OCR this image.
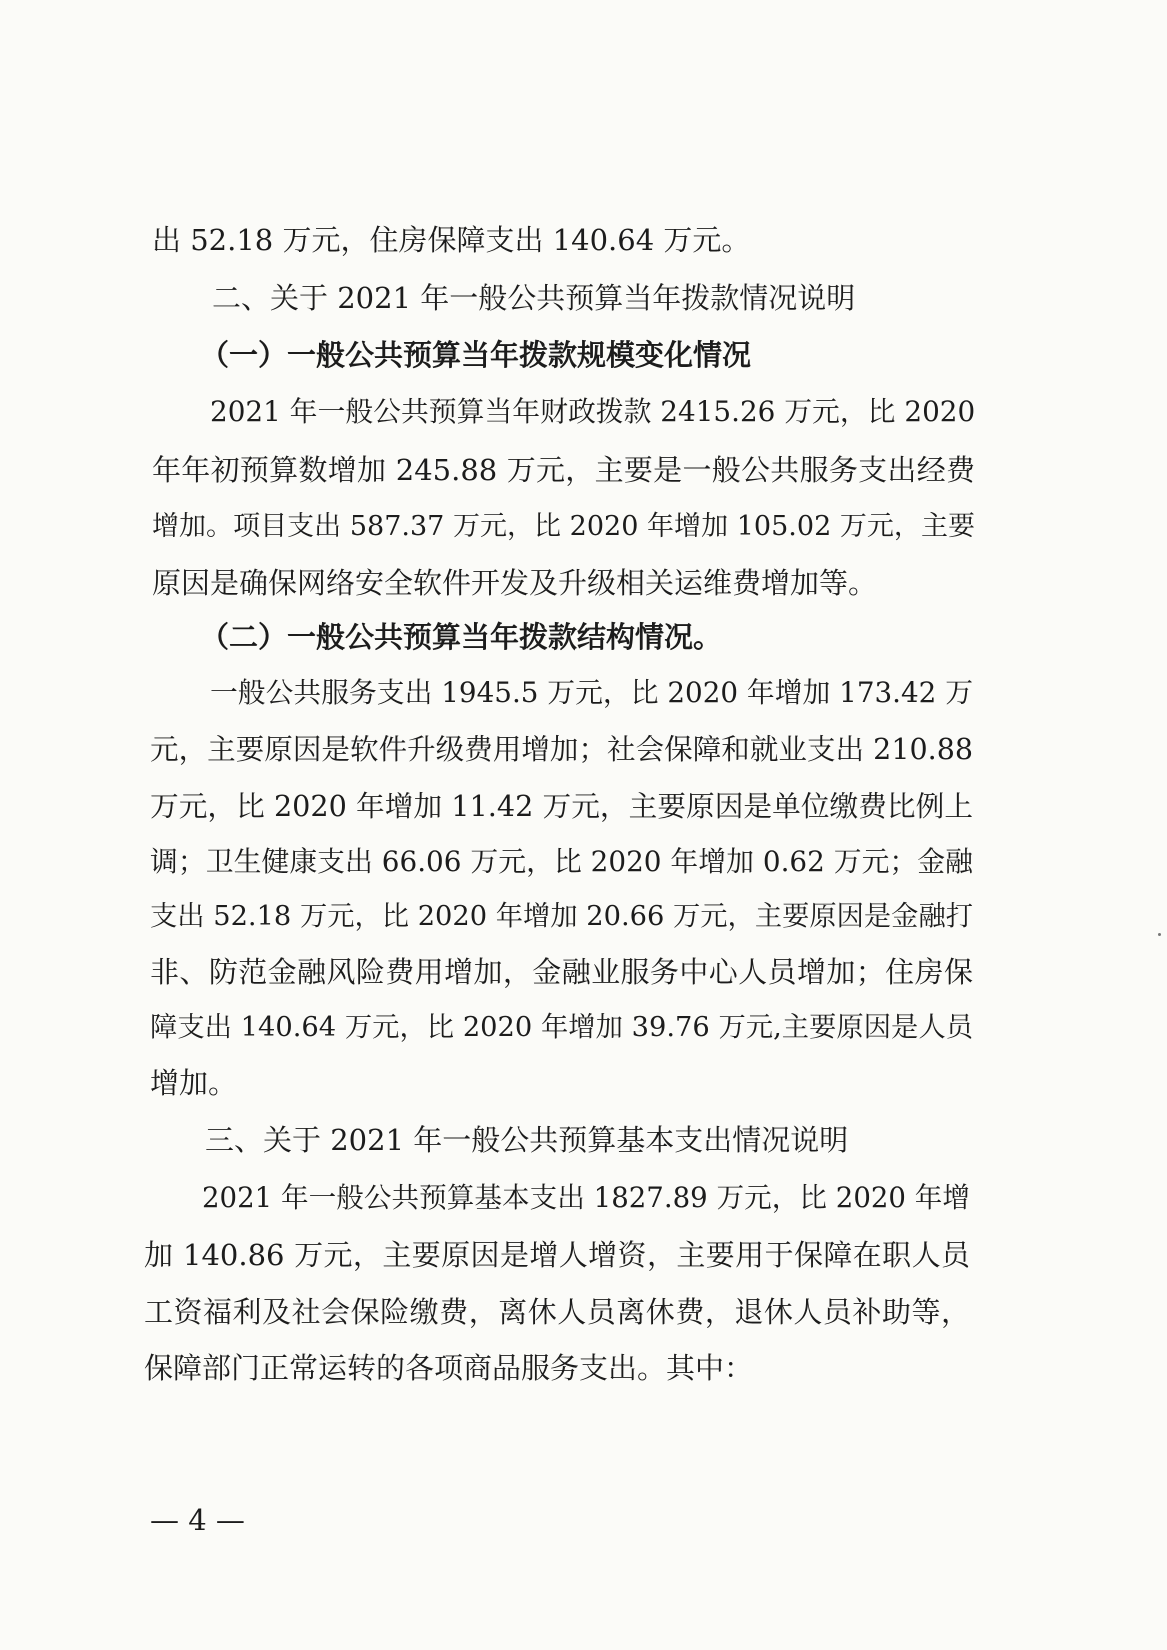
出 52.18 万元，住房保障支出 140.64 万元。
二、关于 2021 年一般公共预算当年拨款情况说明
（一）一般公共预算当年拨款规模变化情况
2021 年一般公共预算当年财政拨款 2415.26 万元，比 2020
年年初预算数增加 245.88 万元，主要是一般公共服务支出经费
增加。项目支出 587.37 万元，比 2020 年增加 105.02 万元，主要
原因是确保网络安全软件开发及升级相关运维费增加等。
（二）一般公共预算当年拨款结构情况。
一般公共服务支出 1945.5 万元，比 2020 年增加 173.42 万
元，主要原因是软件升级费用增加；社会保障和就业支出 210.88
万元，比 2020 年增加 11.42 万元，主要原因是单位缴费比例上
调；卫生健康支出 66.06 万元，比 2020 年增加 0.62 万元；金融
支出 52.18 万元，比 2020 年增加 20.66 万元，主要原因是金融打
非、防范金融风险费用增加，金融业服务中心人员增加；住房保
障支出 140.64 万元，比 2020 年增加 39.76 万元,主要原因是人员
增加。
三、关于 2021 年一般公共预算基本支出情况说明
2021 年一般公共预算基本支出 1827.89 万元，比 2020 年增
加 140.86 万元，主要原因是增人增资，主要用于保障在职人员
工资福利及社会保险缴费，离休人员离休费，退休人员补助等，
保障部门正常运转的各项商品服务支出。其中：
— 4 —
